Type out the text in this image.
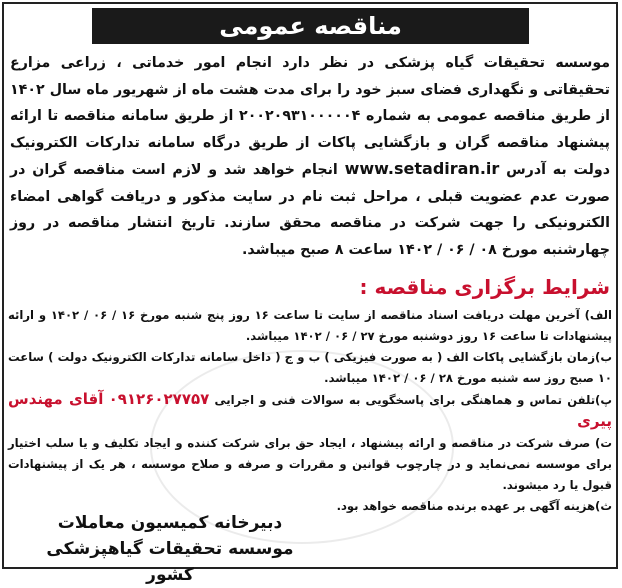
مناقصه عمومی
موسسه تحقیقات گیاه پزشکی در نظر دارد انجام امور خدماتی ، زراعی مزارع تحقیقاتی و نگهداری فضای سبز خود را برای مدت هشت ماه از شهریور ماه سال ۱۴۰۲ از طریق مناقصه عمومی به شماره ۲۰۰۲۰۹۳۱۰۰۰۰۰۴ از طریق سامانه مناقصه تا ارائه پیشنهاد مناقصه گران و بازگشایی پاکات از طریق درگاه سامانه تدارکات الکترونیک دولت به آدرس www.setadiran.ir انجام خواهد شد و لازم است مناقصه گران در صورت عدم عضویت قبلی ، مراحل ثبت نام در سایت مذکور و دریافت گواهی امضاء الکترونیکی را جهت شرکت در مناقصه محقق سازند. تاریخ انتشار مناقصه در روز چهارشنبه مورخ ۰۸ / ۰۶ / ۱۴۰۲ ساعت ۸ صبح میباشد.
شرایط برگزاری مناقصه :

الف) آخرین مهلت دریافت اسناد مناقصه از سایت تا ساعت ۱۶ روز پنج شنبه مورخ ۱۶ / ۰۶ / ۱۴۰۲ و ارائه پیشنهادات تا ساعت ۱۶ روز دوشنبه مورخ ۲۷ / ۰۶ / ۱۴۰۲ میباشد.

ب)زمان بازگشایی پاکات الف ( به صورت فیزیکی ) ب و ج ( داخل سامانه تدارکات الکترونیک دولت ) ساعت ۱۰ صبح روز سه شنبه مورخ ۲۸ / ۰۶ / ۱۴۰۲ میباشد.

پ)تلفن تماس و هماهنگی برای پاسخگویی به سوالات فنی و اجرایی ۰۹۱۲۶۰۲۷۷۵۷ آقای مهندس پیری

ت) صرف شرکت در مناقصه و ارائه پیشنهاد ، ایجاد حق برای شرکت کننده و ایجاد تکلیف و یا سلب اختیار برای موسسه نمی‌نماید و در چارچوب قوانین و مقررات و صرفه و صلاح موسسه ، هر یک از پیشنهادات قبول یا رد میشوند.

ث)هزینه آگهی بر عهده برنده مناقصه خواهد بود.

دبیرخانه کمیسیون معاملات
موسسه تحقیقات گیاهپزشکی کشور
